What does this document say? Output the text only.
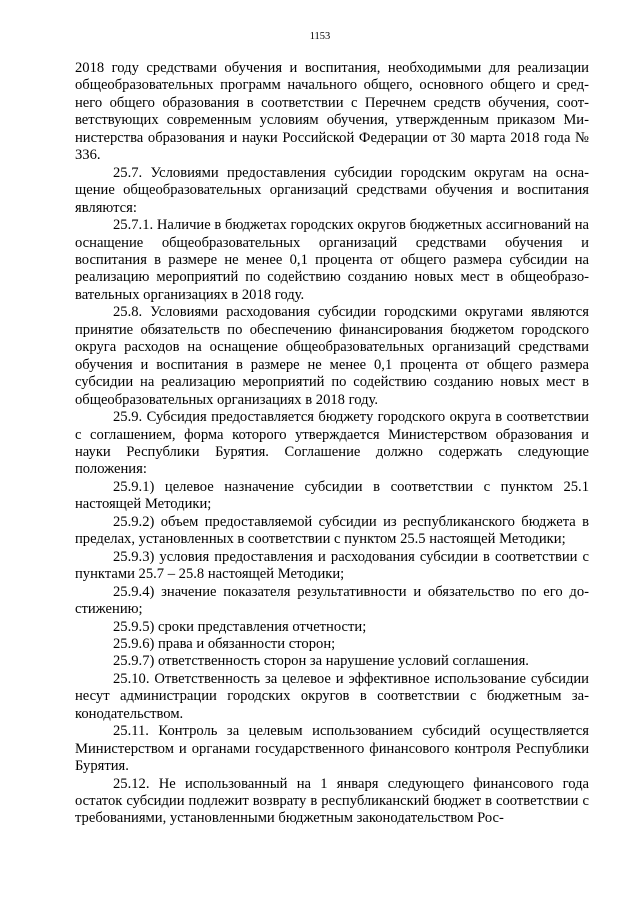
1153

2018 году средствами обучения и воспитания, необходимыми для реализации общеобразовательных программ начального общего, основного общего и среднего общего образования в соответствии с Перечнем средств обучения, соответствующих современным условиям обучения, утвержденным приказом Министерства образования и науки Российской Федерации от 30 марта 2018 года № 336.

25.7. Условиями предоставления субсидии городским округам на оснащение общеобразовательных организаций средствами обучения и воспитания являются:

25.7.1. Наличие в бюджетах городских округов бюджетных ассигнований на оснащение общеобразовательных организаций средствами обучения и воспитания в размере не менее 0,1 процента от общего размера субсидии на реализацию мероприятий по содействию созданию новых мест в общеобразовательных организациях в 2018 году.

25.8. Условиями расходования субсидии городскими округами являются принятие обязательств по обеспечению финансирования бюджетом городского округа расходов на оснащение общеобразовательных организаций средствами обучения и воспитания в размере не менее 0,1 процента от общего размера субсидии на реализацию мероприятий по содействию созданию новых мест в общеобразовательных организациях в 2018 году.

25.9. Субсидия предоставляется бюджету городского округа в соответствии с соглашением, форма которого утверждается Министерством образования и науки Республики Бурятия. Соглашение должно содержать следующие положения:

25.9.1) целевое назначение субсидии в соответствии с пунктом 25.1 настоящей Методики;

25.9.2) объем предоставляемой субсидии из республиканского бюджета в пределах, установленных в соответствии с пунктом 25.5 настоящей Методики;

25.9.3) условия предоставления и расходования субсидии в соответствии с пунктами 25.7 – 25.8 настоящей Методики;

25.9.4) значение показателя результативности и обязательство по его достижению;

25.9.5) сроки представления отчетности;

25.9.6) права и обязанности сторон;

25.9.7) ответственность сторон за нарушение условий соглашения.

25.10. Ответственность за целевое и эффективное использование субсидии несут администрации городских округов в соответствии с бюджетным законодательством.

25.11. Контроль за целевым использованием субсидий осуществляется Министерством и органами государственного финансового контроля Республики Бурятия.

25.12. Не использованный на 1 января следующего финансового года остаток субсидии подлежит возврату в республиканский бюджет в соответствии с требованиями, установленными бюджетным законодательством Рос-
